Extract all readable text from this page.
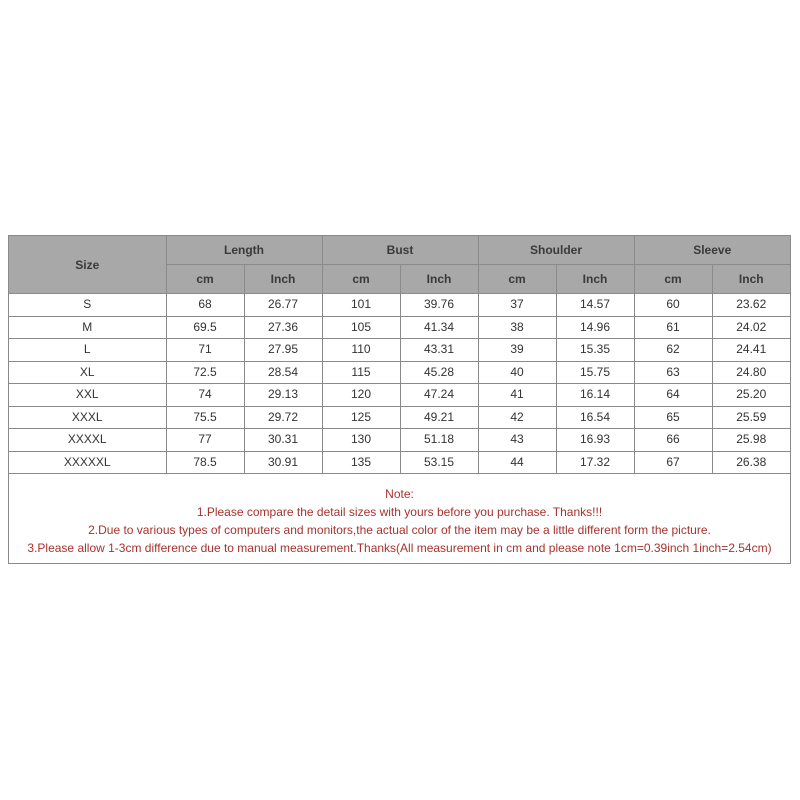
Size	Length		Bust		Shoulder		Sleeve	
	cm	Inch	cm	Inch	cm	Inch	cm	Inch
S	68	26.77	101	39.76	37	14.57	60	23.62
M	69.5	27.36	105	41.34	38	14.96	61	24.02
L	71	27.95	110	43.31	39	15.35	62	24.41
XL	72.5	28.54	115	45.28	40	15.75	63	24.80
XXL	74	29.13	120	47.24	41	16.14	64	25.20
XXXL	75.5	29.72	125	49.21	42	16.54	65	25.59
XXXXL	77	30.31	130	51.18	43	16.93	66	25.98
XXXXXL	78.5	30.91	135	53.15	44	17.32	67	26.38
Note:
1.Please compare the detail sizes with yours before you purchase. Thanks!!!
2.Due to various types of computers and monitors,the actual color of the item may be a little different form the picture.
3.Please allow 1-3cm difference due to manual measurement.Thanks(All measurement in cm and please note 1cm=0.39inch 1inch=2.54cm)
